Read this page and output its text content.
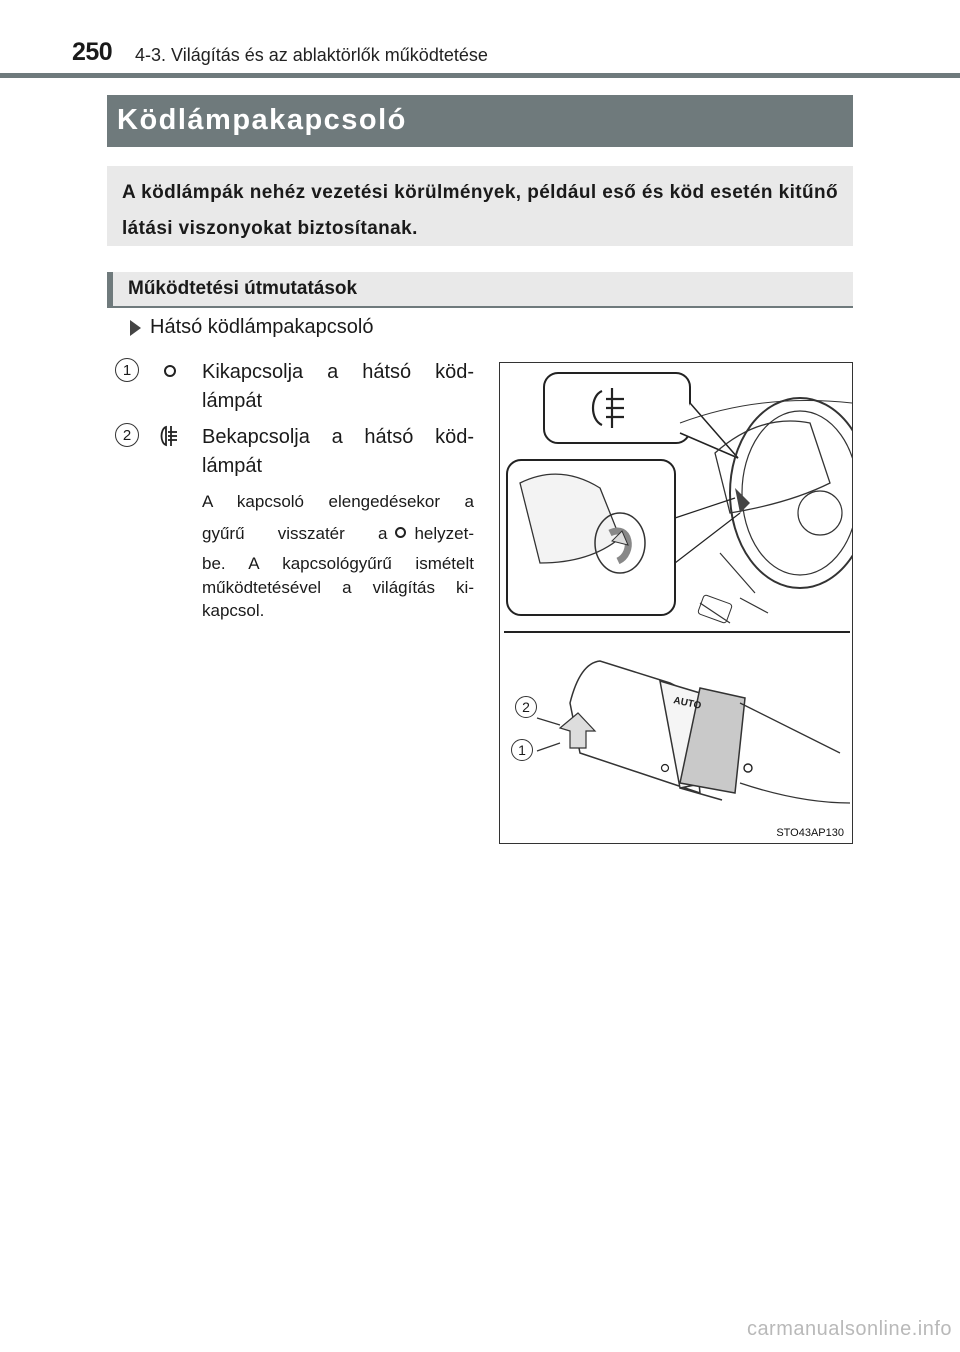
250 4-3. Világítás és az ablaktörlők működtetése
Ködlámpakapcsoló
A ködlámpák nehéz vezetési körülmények, például eső és köd esetén kitűnő látási viszonyokat biztosítanak.
Működtetési útmutatások
Hátsó ködlámpakapcsoló
1	Kikapcsolja a hátsó köd-
lámpát
2	Bekapcsolja a hátsó köd-
lámpát
A kapcsoló elengedésekor a
gyűrű visszatér a helyzet-
be. A kapcsológyűrű ismételt
működtetésével a világítás ki-
kapcsol.
AUTO
2
1
STO43AP130
carmanualsonline.info
